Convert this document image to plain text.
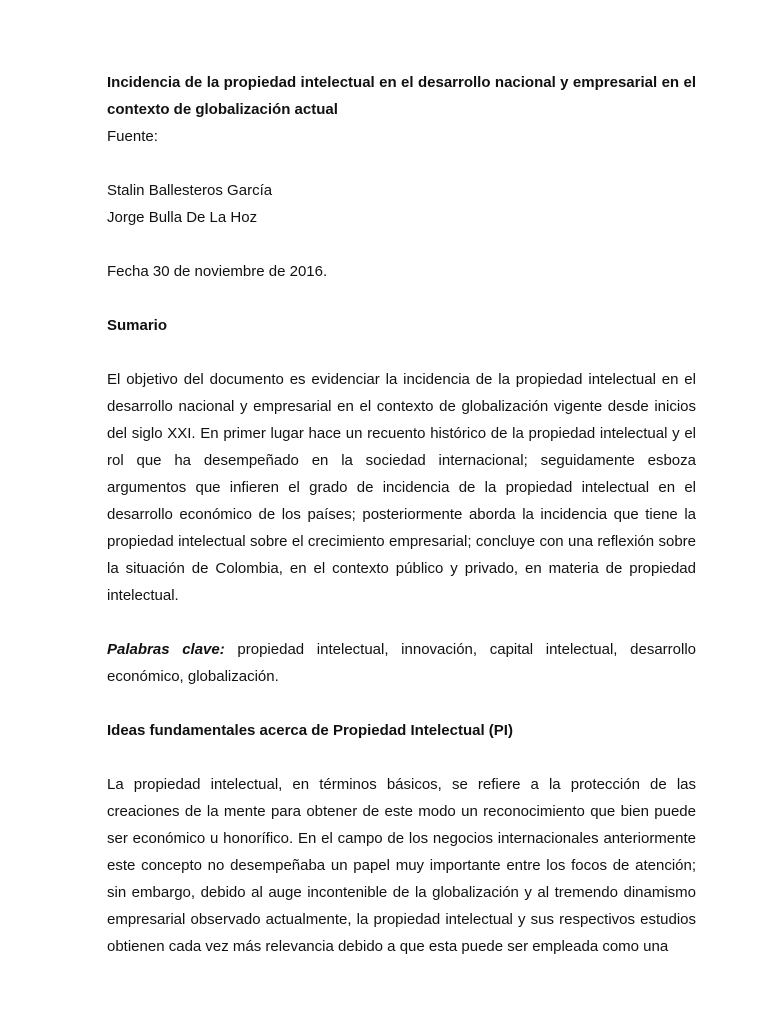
Incidencia de la propiedad intelectual en el desarrollo nacional y empresarial en el contexto de globalización actual

Fuente:

Stalin Ballesteros García

Jorge Bulla De La Hoz

Fecha 30 de noviembre de 2016.

Sumario

El objetivo del documento es evidenciar la incidencia de la propiedad intelectual en el desarrollo nacional y empresarial en el contexto de globalización vigente desde inicios del siglo XXI. En primer lugar hace un recuento histórico de la propiedad intelectual y el rol que ha desempeñado en la sociedad internacional; seguidamente esboza argumentos que infieren el grado de incidencia de la propiedad intelectual en el desarrollo económico de los países; posteriormente aborda la incidencia que tiene la propiedad intelectual sobre el crecimiento empresarial; concluye con una reflexión sobre la situación de Colombia, en el contexto público y privado, en materia de propiedad intelectual.

Palabras clave: propiedad intelectual, innovación, capital intelectual, desarrollo económico, globalización.

Ideas fundamentales acerca de Propiedad Intelectual (PI)

La propiedad intelectual, en términos básicos, se refiere a la protección de las creaciones de la mente para obtener de este modo un reconocimiento que bien puede ser económico u honorífico. En el campo de los negocios internacionales anteriormente este concepto no desempeñaba un papel muy importante entre los focos de atención; sin embargo, debido al auge incontenible de la globalización y al tremendo dinamismo empresarial observado actualmente, la propiedad intelectual y sus respectivos estudios obtienen cada vez más relevancia debido a que esta puede ser empleada como una
